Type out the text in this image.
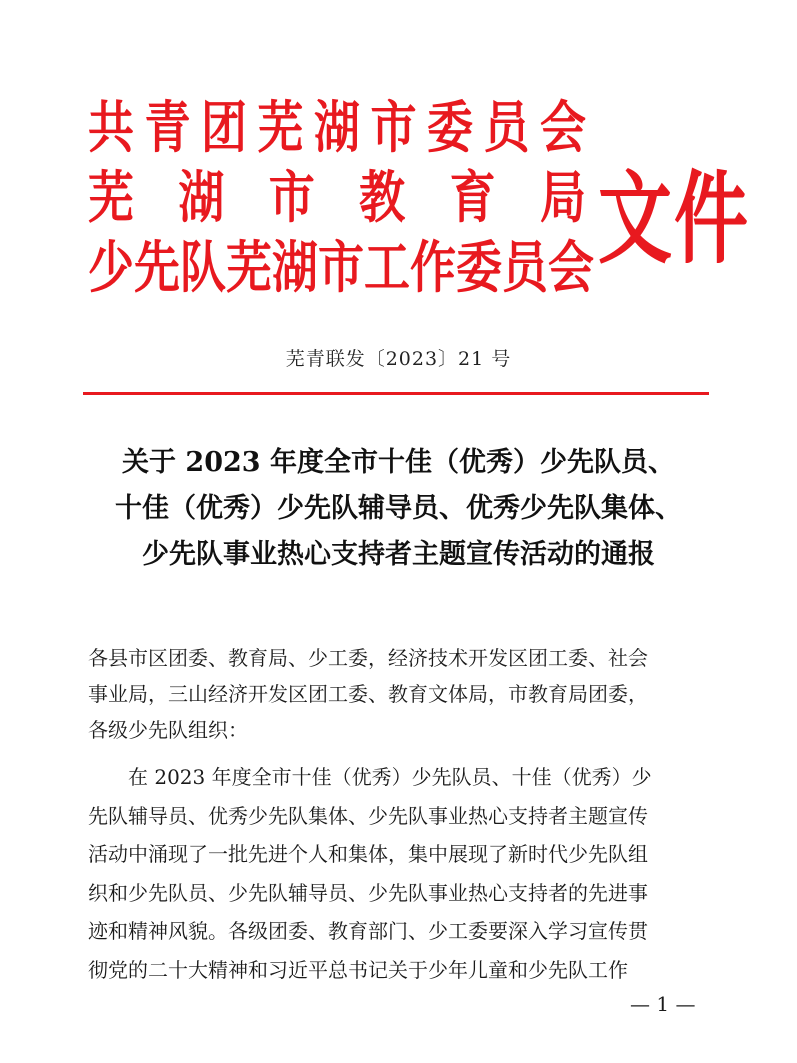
共 青 团 芜 湖 市 委 员 会
芜 湖 市 教 育 局
少 先 队 芜 湖 市 工 作 委 员 会 文件
芜青联发〔2023〕21 号
关于 2023 年度全市十佳（优秀）少先队员、
十佳（优秀）少先队辅导员、优秀少先队集体、
少先队事业热心支持者主题宣传活动的通报
各县市区团委、教育局、少工委，经济技术开发区团工委、社会
事业局，三山经济开发区团工委、教育文体局，市教育局团委，
各级少先队组织：
在 2023 年度全市十佳（优秀）少先队员、十佳（优秀）少
先队辅导员、优秀少先队集体、少先队事业热心支持者主题宣传
活动中涌现了一批先进个人和集体，集中展现了新时代少先队组
织和少先队员、少先队辅导员、少先队事业热心支持者的先进事
迹和精神风貌。各级团委、教育部门、少工委要深入学习宣传贯
彻党的二十大精神和习近平总书记关于少年儿童和少先队工作
— 1 —
